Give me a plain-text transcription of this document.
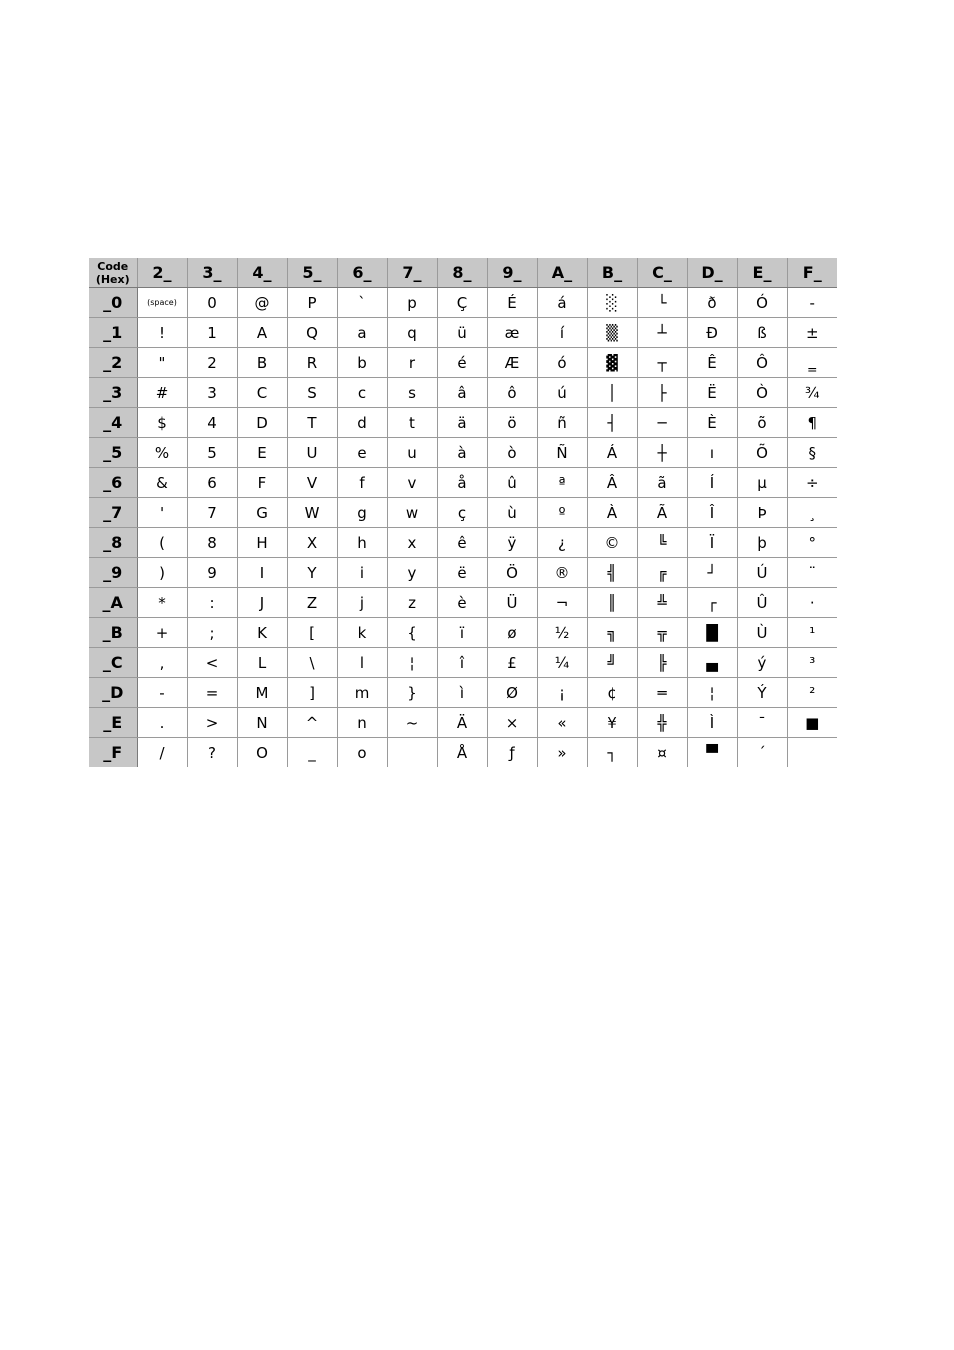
Code
(Hex)	2_	3_	4_	5_	6_	7_	8_	9_	A_	B_	C_	D_	E_	F_
_0	(space)	0	@	P	`	p	Ç	É	á	░	└	ð	Ó	-
_1	!	1	A	Q	a	q	ü	æ	í	▒	┴	Đ	ß	±
_2	"	2	B	R	b	r	é	Æ	ó	▓	┬	Ê	Ô	‗
_3	#	3	C	S	c	s	â	ô	ú	│	├	Ë	Ò	¾
_4	$	4	D	T	d	t	ä	ö	ñ	┤	─	È	õ	¶
_5	%	5	E	U	e	u	à	ò	Ñ	Á	┼	ı	Õ	§
_6	&	6	F	V	f	v	å	û	ª	Â	ã	Í	µ	÷
_7	'	7	G	W	g	w	ç	ù	º	À	Ã	Î	Þ	¸
_8	(	8	H	X	h	x	ê	ÿ	¿	©	╚	Ï	þ	°
_9	)	9	I	Y	i	y	ë	Ö	®	╣	╔	┘	Ú	¨
_A	*	:	J	Z	j	z	è	Ü	¬	║	╩	┌	Û	·
_B	+	;	K	[	k	{	ï	ø	½	╗	╦	█	Ù	¹
_C	,	<	L	\	l	¦	î	£	¼	╝	╠	▄	ý	³
_D	-	=	M	]	m	}	ì	Ø	¡	¢	═	¦	Ý	²
_E	.	>	N	^	n	~	Ä	×	«	¥	╬	Ì	¯	■
_F	/	?	O	_	o		Å	ƒ	»	┐	¤	▀	´	
